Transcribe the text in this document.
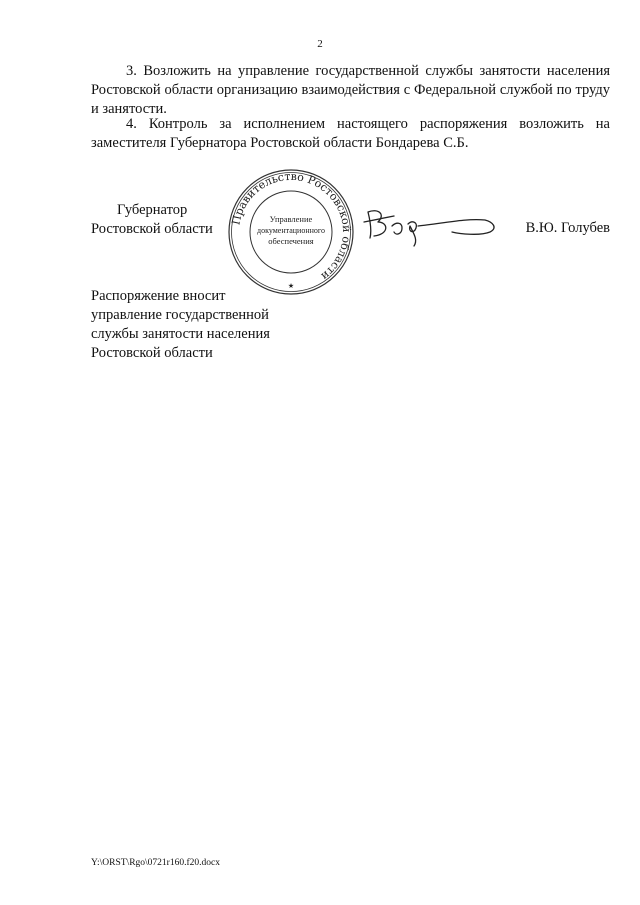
2
3. Возложить на управление государственной службы занятости населения Ростовской области организацию взаимодействия с Федеральной службой по труду и занятости.
4. Контроль за исполнением настоящего распоряжения возложить на заместителя Губернатора Ростовской области Бондарева С.Б.
Губернатор
Ростовской области
Правительство Ростовской области
Управление
документационного
обеспечения
★
В.Ю. Голубев
Распоряжение вносит
управление государственной
службы занятости населения
Ростовской области
Y:\ORST\Rgo\0721r160.f20.docx
